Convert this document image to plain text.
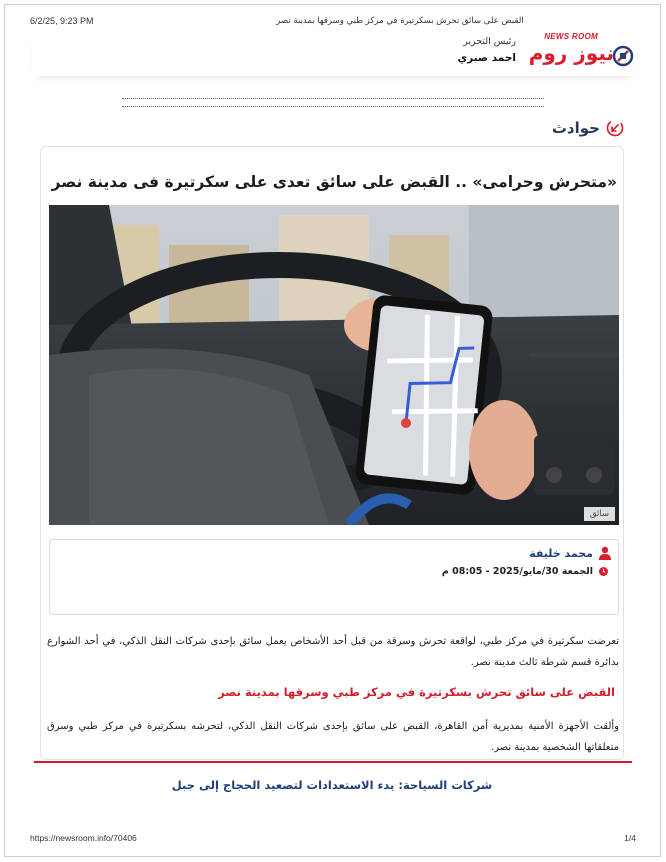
6/2/25, 9:23 PM	القبض على سائق تحرش بسكرتيرة في مركز طبي وسرقها بمدينة نصر
NEWS ROOM
نيوز روم
رئيس التحرير
احمد صبري
حوادث
«متحرش وحرامى» .. القبض على سائق تعدى على سكرتيرة فى مدينة نصر
سائق
محمد خليفة
الجمعة 30/مايو/2025 - 08:05 م
تعرضت سكرتيرة في مركز طبي، لواقعة تحرش وسرقة من قبل أحد الأشخاص يعمل سائق بإحدى شركات النقل الذكي، في أحد الشوارع بدائرة قسم شرطة ثالث مدينة نصر.
القبض على سائق تحرش بسكرتيرة في مركز طبي وسرقها بمدينة نصر
وألقت الأجهزة الأمنية بمديرية أمن القاهرة، القبض على سائق بإحدى شركات النقل الذكي، لتحرشه بسكرتيرة في مركز طبي وسرق متعلقاتها الشخصية بمدينة نصر.
شركات السياحة: بدء الاستعدادات لتصعيد الحجاج إلى جبل
https://newsroom.info/70406	1/4
